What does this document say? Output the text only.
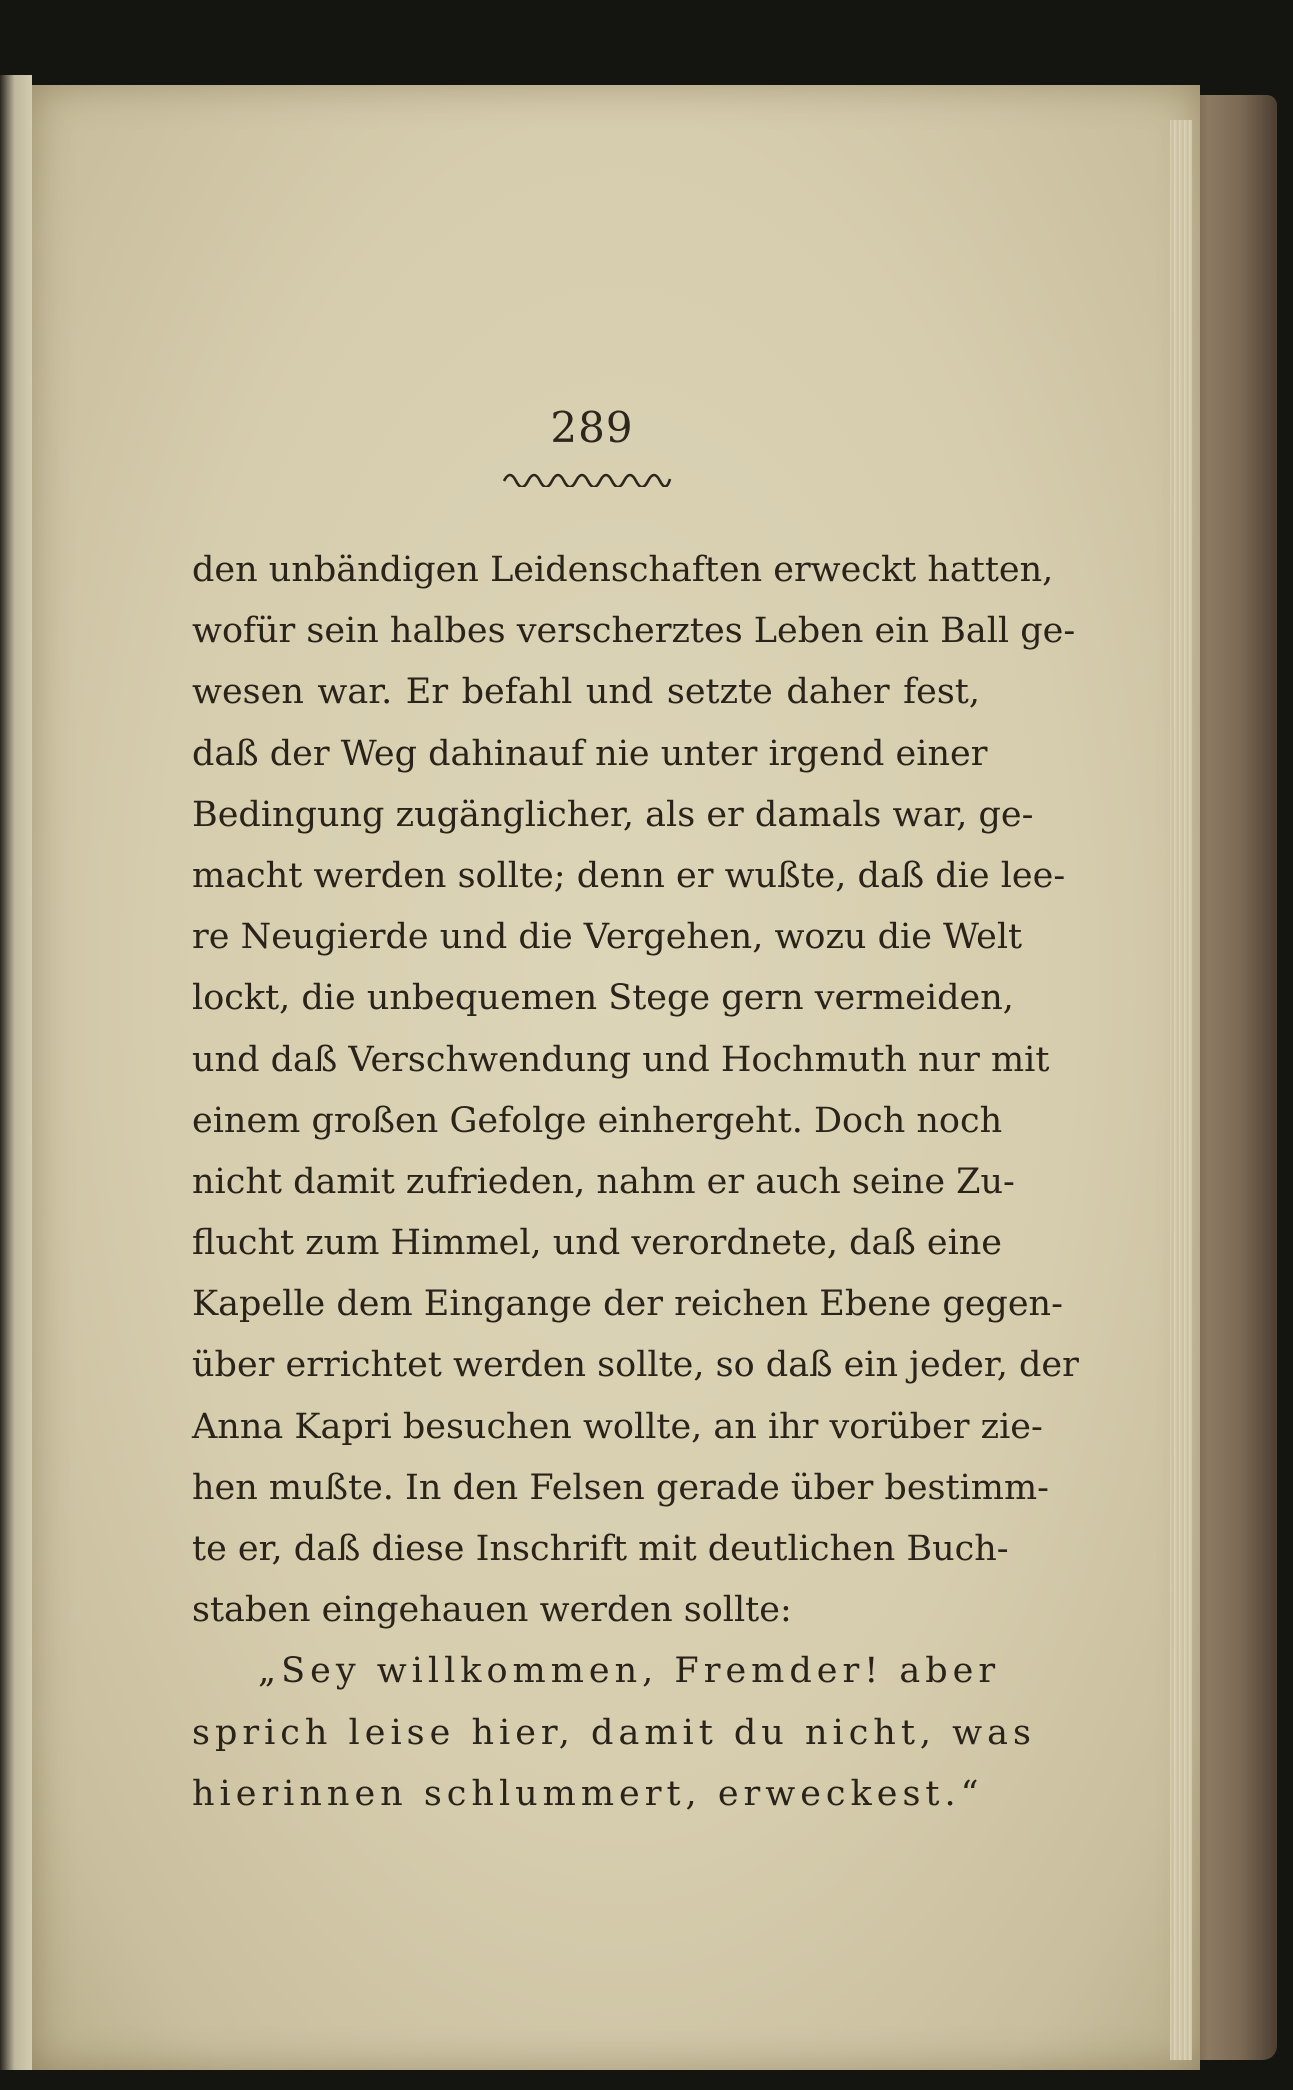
289
den unbändigen Leidenschaften erweckt hatten,
wofür sein halbes verscherztes Leben ein Ball ge-
wesen war. Er befahl und setzte daher fest,
daß der Weg dahinauf nie unter irgend einer
Bedingung zugänglicher, als er damals war, ge-
macht werden sollte; denn er wußte, daß die lee-
re Neugierde und die Vergehen, wozu die Welt
lockt, die unbequemen Stege gern vermeiden,
und daß Verschwendung und Hochmuth nur mit
einem großen Gefolge einhergeht. Doch noch
nicht damit zufrieden, nahm er auch seine Zu-
flucht zum Himmel, und verordnete, daß eine
Kapelle dem Eingange der reichen Ebene gegen-
über errichtet werden sollte, so daß ein jeder, der
Anna Kapri besuchen wollte, an ihr vorüber zie-
hen mußte. In den Felsen gerade über bestimm-
te er, daß diese Inschrift mit deutlichen Buch-
staben eingehauen werden sollte:
„Sey willkommen, Fremder! aber
sprich leise hier, damit du nicht, was
hierinnen schlummert, erweckest.“
